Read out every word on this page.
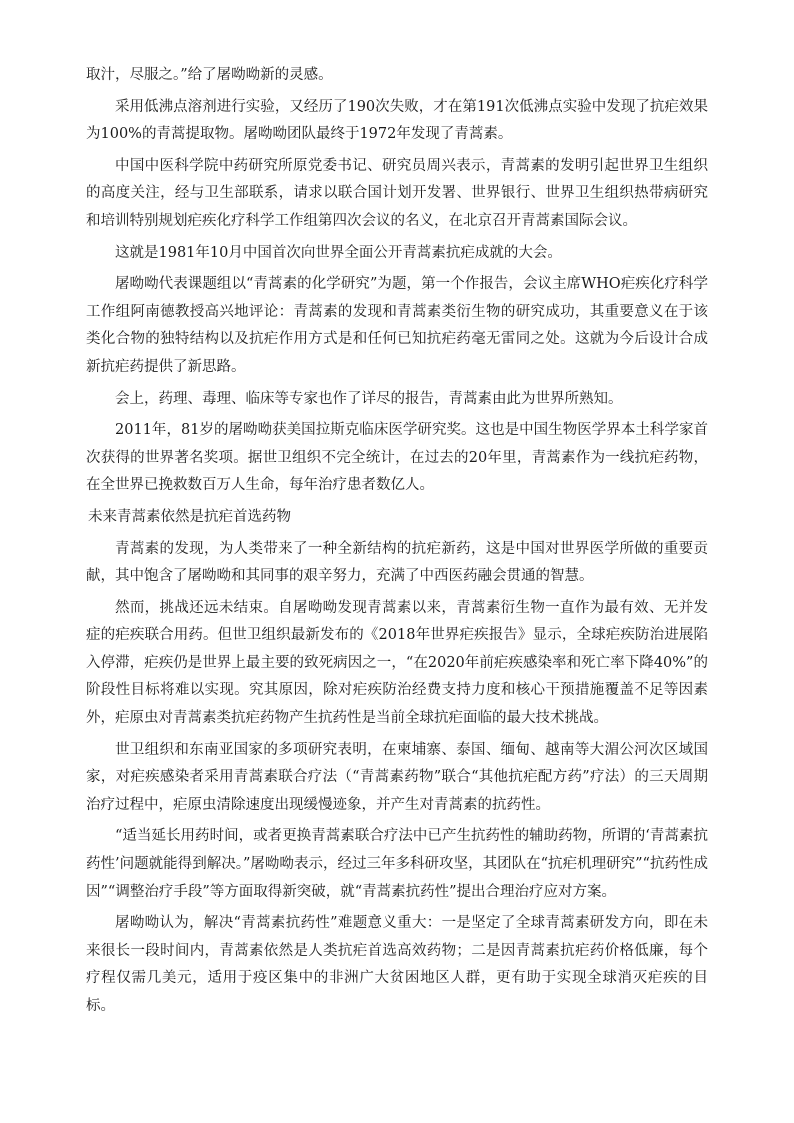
取汁，尽服之。”给了屠呦呦新的灵感。

采用低沸点溶剂进行实验，又经历了190次失败，才在第191次低沸点实验中发现了抗疟效果为100%的青蒿提取物。屠呦呦团队最终于1972年发现了青蒿素。

中国中医科学院中药研究所原党委书记、研究员周兴表示，青蒿素的发明引起世界卫生组织的高度关注，经与卫生部联系，请求以联合国计划开发署、世界银行、世界卫生组织热带病研究和培训特别规划疟疾化疗科学工作组第四次会议的名义，在北京召开青蒿素国际会议。

这就是1981年10月中国首次向世界全面公开青蒿素抗疟成就的大会。

屠呦呦代表课题组以“青蒿素的化学研究”为题，第一个作报告，会议主席WHO疟疾化疗科学工作组阿南德教授高兴地评论：青蒿素的发现和青蒿素类衍生物的研究成功，其重要意义在于该类化合物的独特结构以及抗疟作用方式是和任何已知抗疟药毫无雷同之处。这就为今后设计合成新抗疟药提供了新思路。

会上，药理、毒理、临床等专家也作了详尽的报告，青蒿素由此为世界所熟知。

2011年，81岁的屠呦呦获美国拉斯克临床医学研究奖。这也是中国生物医学界本土科学家首次获得的世界著名奖项。据世卫组织不完全统计，在过去的20年里，青蒿素作为一线抗疟药物，在全世界已挽救数百万人生命，每年治疗患者数亿人。

未来青蒿素依然是抗疟首选药物

青蒿素的发现，为人类带来了一种全新结构的抗疟新药，这是中国对世界医学所做的重要贡献，其中饱含了屠呦呦和其同事的艰辛努力，充满了中西医药融会贯通的智慧。

然而，挑战还远未结束。自屠呦呦发现青蒿素以来，青蒿素衍生物一直作为最有效、无并发症的疟疾联合用药。但世卫组织最新发布的《2018年世界疟疾报告》显示，全球疟疾防治进展陷入停滞，疟疾仍是世界上最主要的致死病因之一，“在2020年前疟疾感染率和死亡率下降40%”的阶段性目标将难以实现。究其原因，除对疟疾防治经费支持力度和核心干预措施覆盖不足等因素外，疟原虫对青蒿素类抗疟药物产生抗药性是当前全球抗疟面临的最大技术挑战。

世卫组织和东南亚国家的多项研究表明，在柬埔寨、泰国、缅甸、越南等大湄公河次区域国家，对疟疾感染者采用青蒿素联合疗法（“青蒿素药物”联合“其他抗疟配方药”疗法）的三天周期治疗过程中，疟原虫清除速度出现缓慢迹象，并产生对青蒿素的抗药性。

“适当延长用药时间，或者更换青蒿素联合疗法中已产生抗药性的辅助药物，所谓的‘青蒿素抗药性’问题就能得到解决。”屠呦呦表示，经过三年多科研攻坚，其团队在“抗疟机理研究”“抗药性成因”“调整治疗手段”等方面取得新突破，就“青蒿素抗药性”提出合理治疗应对方案。

屠呦呦认为，解决“青蒿素抗药性”难题意义重大：一是坚定了全球青蒿素研发方向，即在未来很长一段时间内，青蒿素依然是人类抗疟首选高效药物；二是因青蒿素抗疟药价格低廉，每个疗程仅需几美元，适用于疫区集中的非洲广大贫困地区人群，更有助于实现全球消灭疟疾的目标。
